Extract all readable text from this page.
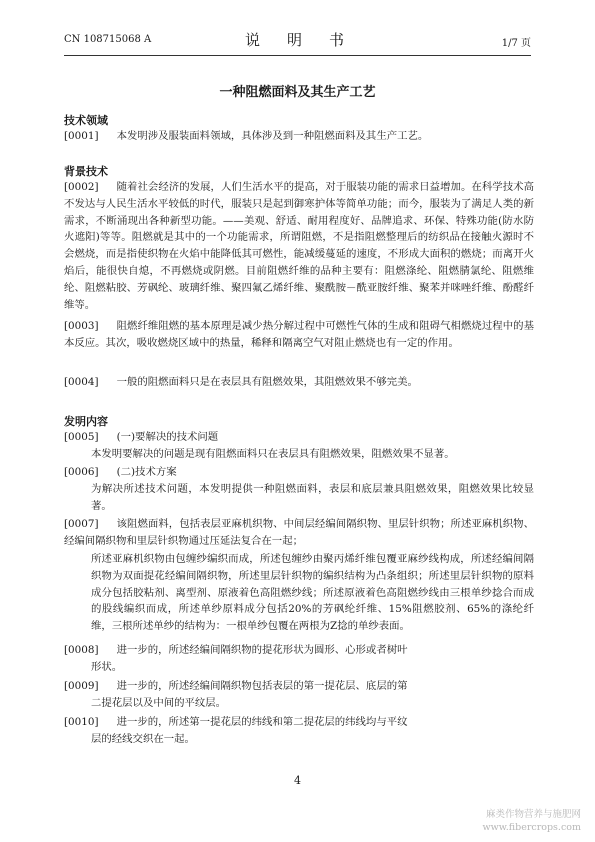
CN 108715068 A	说　明　书	1/7 页
一种阻燃面料及其生产工艺
技术领域
[0001] 本发明涉及服装面料领域，具体涉及到一种阻燃面料及其生产工艺。
背景技术
[0002] 随着社会经济的发展，人们生活水平的提高，对于服装功能的需求日益增加。在科学技术高不发达与人民生活水平较低的时代，服装只是起到御寒护体等简单功能；而今，服装为了满足人类的新需求，不断涌现出各种新型功能。——美观、舒适、耐用程度好、品牌追求、环保、特殊功能(防水防火遮阳)等等。阻燃就是其中的一个功能需求，所谓阻燃，不是指阻燃整理后的纺织品在接触火源时不会燃烧，而是指使织物在火焰中能降低其可燃性，能减缓蔓延的速度，不形成大面积的燃烧；而离开火焰后，能很快自熄，不再燃烧或阴燃。目前阻燃纤维的品种主要有：阻燃涤纶、阻燃腈氯纶、阻燃维纶、阻燃粘胶、芳砜纶、玻璃纤维、聚四氟乙烯纤维、聚酰胺－酰亚胺纤维、聚苯并咪唑纤维、酚醛纤维等。
[0003] 阻燃纤维阻燃的基本原理是减少热分解过程中可燃性气体的生成和阻碍气相燃烧过程中的基本反应。其次，吸收燃烧区域中的热量，稀释和隔离空气对阻止燃烧也有一定的作用。
[0004] 一般的阻燃面料只是在表层具有阻燃效果，其阻燃效果不够完美。
发明内容
[0005] (一)要解决的技术问题
本发明要解决的问题是现有阻燃面料只在表层具有阻燃效果，阻燃效果不显著。
[0006] (二)技术方案
为解决所述技术问题，本发明提供一种阻燃面料，表层和底层兼具阻燃效果，阻燃效果比较显著。
[0007] 该阻燃面料，包括表层亚麻机织物、中间层经编间隔织物、里层针织物；所述亚麻机织物、经编间隔织物和里层针织物通过压延法复合在一起；
所述亚麻机织物由包缠纱编织而成，所述包缠纱由聚丙烯纤维包覆亚麻纱线构成，所述经编间隔织物为双面提花经编间隔织物，所述里层针织物的编织结构为凸条组织；所述里层针织物的原料成分包括胶粘剂、离型剂、原液着色高阻燃纱线；所述原液着色高阻燃纱线由三根单纱捻合而成的股线编织而成，所述单纱原料成分包括20%的芳砜纶纤维、15%阻燃胶剂、65%的涤纶纤维，三根所述单纱的结构为：一根单纱包覆在两根为Z捻的单纱表面。
[0008] 进一步的，所述经编间隔织物的提花形状为圆形、心形或者树叶
形状。
[0009] 进一步的，所述经编间隔织物包括表层的第一提花层、底层的第
二提花层以及中间的平纹层。
[0010] 进一步的，所述第一提花层的纬线和第二提花层的纬线均与平纹
层的经线交织在一起。
4
麻类作物营养与施肥网
www.fibercrops.com
